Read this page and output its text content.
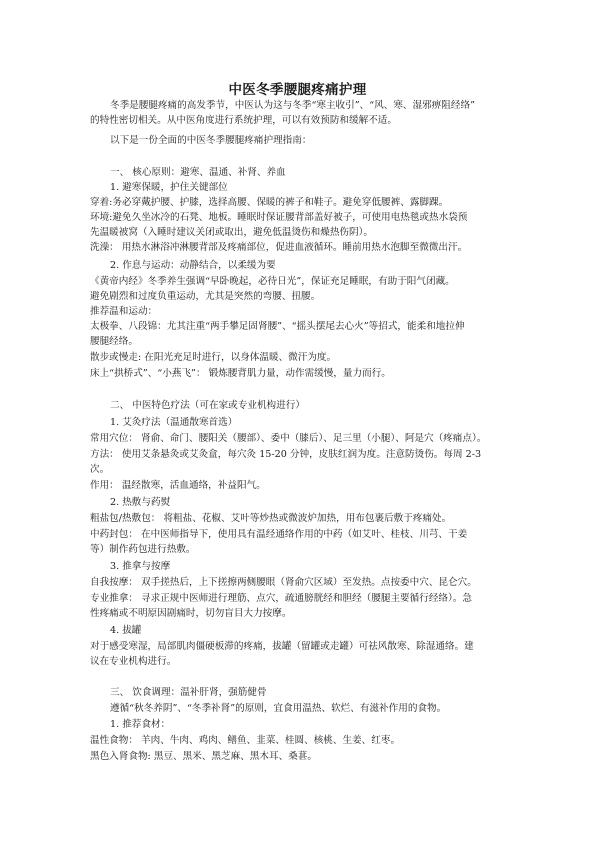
中医冬季腰腿疼痛护理
冬季是腰腿疼痛的高发季节，中医认为这与冬季“寒主收引”、“风、寒、湿邪痹阻经络”
的特性密切相关。从中医角度进行系统护理，可以有效预防和缓解不适。
以下是一份全面的中医冬季腰腿疼痛护理指南：
一、 核心原则：避寒、温通、补肾、养血
1. 避寒保暖，护住关键部位
穿着:务必穿戴护腰、护膝，选择高腰、保暖的裤子和鞋子。避免穿低腰裤、露脚踝。
环境:避免久坐冰冷的石凳、地板。睡眠时保证腰背部盖好被子，可使用电热毯或热水袋预
先温暖被窝（入睡时建议关闭或取出，避免低温烫伤和燥热伤阴）。
洗澡： 用热水淋浴冲淋腰背部及疼痛部位，促进血液循环。睡前用热水泡脚至微微出汗。
2. 作息与运动：动静结合，以柔缓为要
《黄帝内经》冬季养生强调“早卧晚起，必待日光”，保证充足睡眠，有助于阳气闭藏。
避免剧烈和过度负重运动，尤其是突然的弯腰、扭腰。
推荐温和运动：
太极拳、八段锦：尤其注重“两手攀足固肾腰”、“摇头摆尾去心火”等招式，能柔和地拉伸
腰腿经络。
散步或慢走: 在阳光充足时进行，以身体温暖、微汗为度。
床上“拱桥式”、“小燕飞”： 锻炼腰背肌力量，动作需缓慢，量力而行。
二、 中医特色疗法（可在家或专业机构进行）
1. 艾灸疗法（温通散寒首选）
常用穴位： 肾俞、命门、腰阳关（腰部）、委中（膝后）、足三里（小腿）、阿是穴（疼痛点）。
方法： 使用艾条悬灸或艾灸盒，每穴灸 15-20 分钟，皮肤红润为度。注意防烫伤。每周 2-3
次。
作用： 温经散寒，活血通络，补益阳气。
2. 热敷与药熨
粗盐包/热敷包： 将粗盐、花椒、艾叶等炒热或微波炉加热，用布包裹后敷于疼痛处。
中药封包： 在中医师指导下，使用具有温经通络作用的中药（如艾叶、桂枝、川芎、干姜
等）制作药包进行热敷。
3. 推拿与按摩
自我按摩： 双手搓热后，上下搓擦两侧腰眼（肾俞穴区域）至发热。点按委中穴、昆仑穴。
专业推拿： 寻求正规中医师进行理筋、点穴，疏通膀胱经和胆经（腰腿主要循行经络）。急
性疼痛或不明原因剧痛时，切勿盲目大力按摩。
4. 拔罐
对于感受寒湿，局部肌肉僵硬板滞的疼痛，拔罐（留罐或走罐）可祛风散寒、除湿通络。建
议在专业机构进行。
三、 饮食调理：温补肝肾，强筋健骨
遵循“秋冬养阴”、“冬季补肾”的原则，宜食用温热、软烂、有滋补作用的食物。
1. 推荐食材：
温性食物： 羊肉、牛肉、鸡肉、鳝鱼、韭菜、桂圆、核桃、生姜、红枣。
黑色入肾食物: 黑豆、黑米、黑芝麻、黑木耳、桑葚。
